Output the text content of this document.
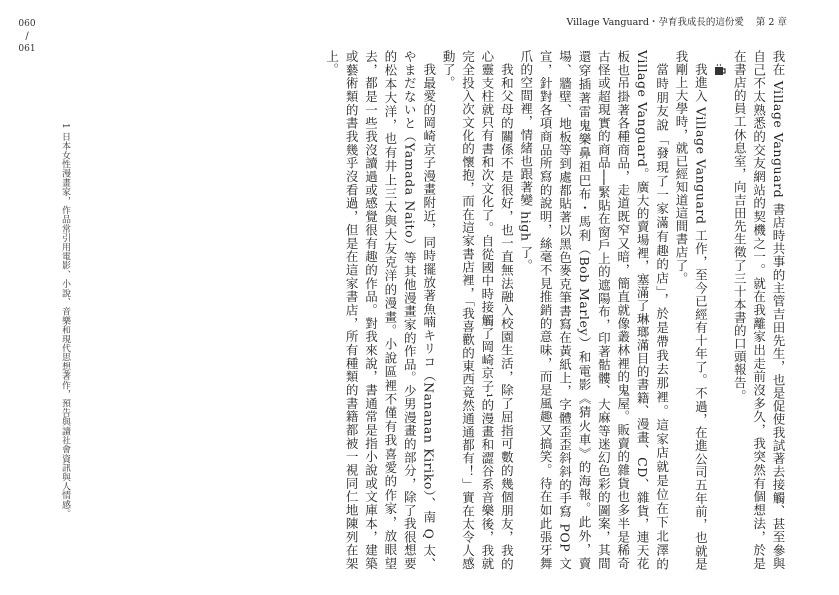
060
/
061
Village Vanguard・孕育我成長的這份愛 第 2 章

我在 Village Vanguard 書店時共事的主管吉田先生，也是促使我試著去接觸、甚至參與自己不太熟悉的交友網站的契機之一。就在我離家出走前沒多久，我突然有個想法，於是在書店的員工休息室，向吉田先生徵了三十本書的口頭報告。

我進入 Village Vanguard 工作，至今已經有十年了。不過，在進公司五年前，也就是我剛上大學時，就已經知道這間書店了。

當時朋友說「發現了一家滿有趣的店」，於是帶我去那裡。這家店就是位在下北澤的 Village Vanguard。廣大的賣場裡，塞滿了琳瑯滿目的書籍、漫畫、CD、雜貨，連天花板也吊掛著各種商品，走道既窄又暗，簡直就像叢林裡的鬼屋。販賣的雜貨也多半是稀奇古怪或超現實的商品──緊貼在窗戶上的遮陽布，印著骷髏、大麻等迷幻色彩的圖案，其間還穿插著雷鬼樂鼻祖巴布・馬利（Bob Marley）和電影《猜火車》的海報。此外，賣場、牆壁、地板等到處都貼著以黑色麥克筆書寫在黃紙上，字體歪歪斜斜的手寫 POP 文宣，針對各項商品所寫的說明，絲毫不見推銷的意味，而是風趣又搞笑。待在如此張牙舞爪的空間裡，情緒也跟著變 high 了。

我和父母的關係不是很好，也一直無法融入校園生活，除了屈指可數的幾個朋友，我的心靈支柱就只有書和次文化了。自從國中時接觸了岡崎京子¹的漫畫和澀谷系音樂後，我就完全投入次文化的懷抱，而在這家書店裡，「我喜歡的東西竟然通通都有！」實在太令人感動了。

我最愛的岡崎京子漫畫附近，同時擺放著魚喃キリコ（Nananan Kiriko）、南 Q 太、やまだないと（Yamada Naito）等其他漫畫家的作品。少男漫畫的部分，除了我很想要的松本大洋，也有井上三太與大友克洋的漫畫。小說區裡不僅有我喜愛的作家，放眼望去，都是一些我沒讀過或感覺很有趣的作品。對我來說，書通常是指小說或文庫本，建築或藝術類的書我幾乎沒看過，但是在這家書店，所有種類的書籍都被一視同仁地陳列在架上。

1 日本女性漫畫家，作品常引用電影、小說、音樂和現代思想著作，預告與讀社會資訊與人情感。
